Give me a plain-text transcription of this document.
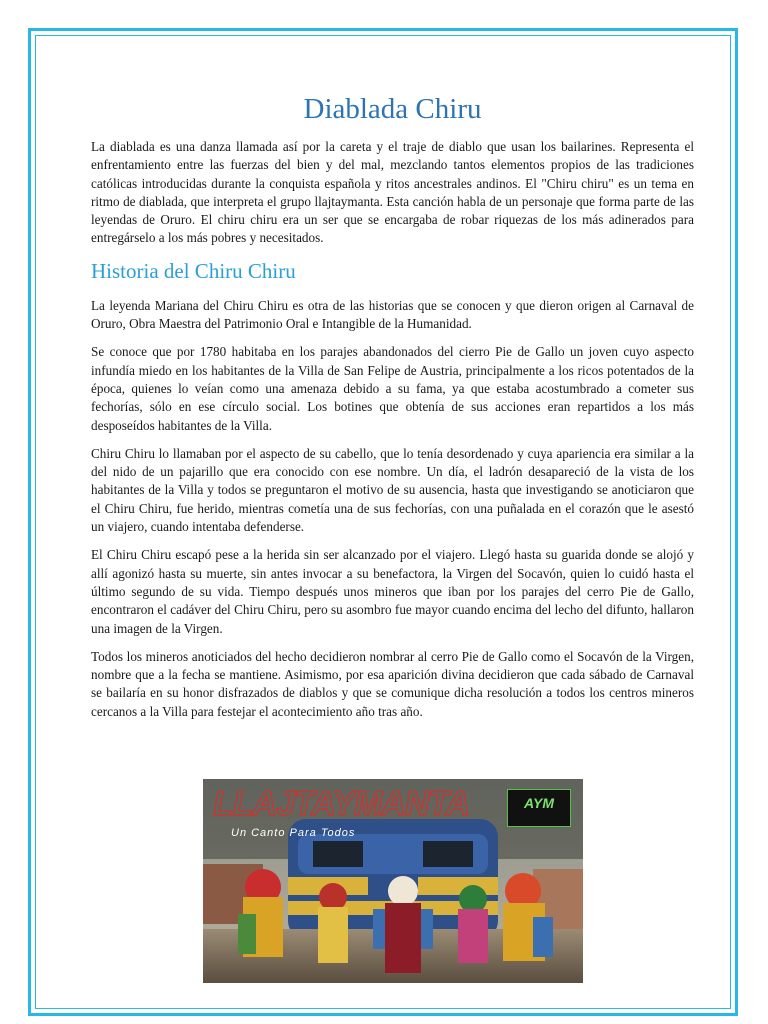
Diablada Chiru

La diablada es una danza llamada así por la careta y el traje de diablo que usan los bailarines. Representa el enfrentamiento entre las fuerzas del bien y del mal, mezclando tantos elementos propios de las tradiciones católicas introducidas durante la conquista española y ritos ancestrales andinos. El "Chiru chiru" es un tema en ritmo de diablada, que interpreta el grupo llajtaymanta. Esta canción habla de un personaje que forma parte de las leyendas de Oruro. El chiru chiru era un ser que se encargaba de robar riquezas de los más adinerados para entregárselo a los más pobres y necesitados.

Historia del Chiru Chiru

La leyenda Mariana del Chiru Chiru es otra de las historias que se conocen y que dieron origen al Carnaval de Oruro, Obra Maestra del Patrimonio Oral e Intangible de la Humanidad.

Se conoce que por 1780 habitaba en los parajes abandonados del cierro Pie de Gallo un joven cuyo aspecto infundía miedo en los habitantes de la Villa de San Felipe de Austria, principalmente a los ricos potentados de la época, quienes lo veían como una amenaza debido a su fama, ya que estaba acostumbrado a cometer sus fechorías, sólo en ese círculo social. Los botines que obtenía de sus acciones eran repartidos a los más desposeídos habitantes de la Villa.

Chiru Chiru lo llamaban por el aspecto de su cabello, que lo tenía desordenado y cuya apariencia era similar a la del nido de un pajarillo que era conocido con ese nombre. Un día, el ladrón desapareció de la vista de los habitantes de la Villa y todos se preguntaron el motivo de su ausencia, hasta que investigando se anoticiaron que el Chiru Chiru, fue herido, mientras cometía una de sus fechorías, con una puñalada en el corazón que le asestó un viajero, cuando intentaba defenderse.

El Chiru Chiru escapó pese a la herida sin ser alcanzado por el viajero. Llegó hasta su guarida donde se alojó y allí agonizó hasta su muerte, sin antes invocar a su benefactora, la Virgen del Socavón, quien lo cuidó hasta el último segundo de su vida. Tiempo después unos mineros que iban por los parajes del cerro Pie de Gallo, encontraron el cadáver del Chiru Chiru, pero su asombro fue mayor cuando encima del lecho del difunto, hallaron una imagen de la Virgen.

Todos los mineros anoticiados del hecho decidieron nombrar al cerro Pie de Gallo como el Socavón de la Virgen, nombre que a la fecha se mantiene. Asimismo, por esa aparición divina decidieron que cada sábado de Carnaval se bailaría en su honor disfrazados de diablos y que se comunique dicha resolución a todos los centros mineros cercanos a la Villa para festejar el acontecimiento año tras año.

LLAJTAYMANTA
Un Canto Para Todos
AYM
